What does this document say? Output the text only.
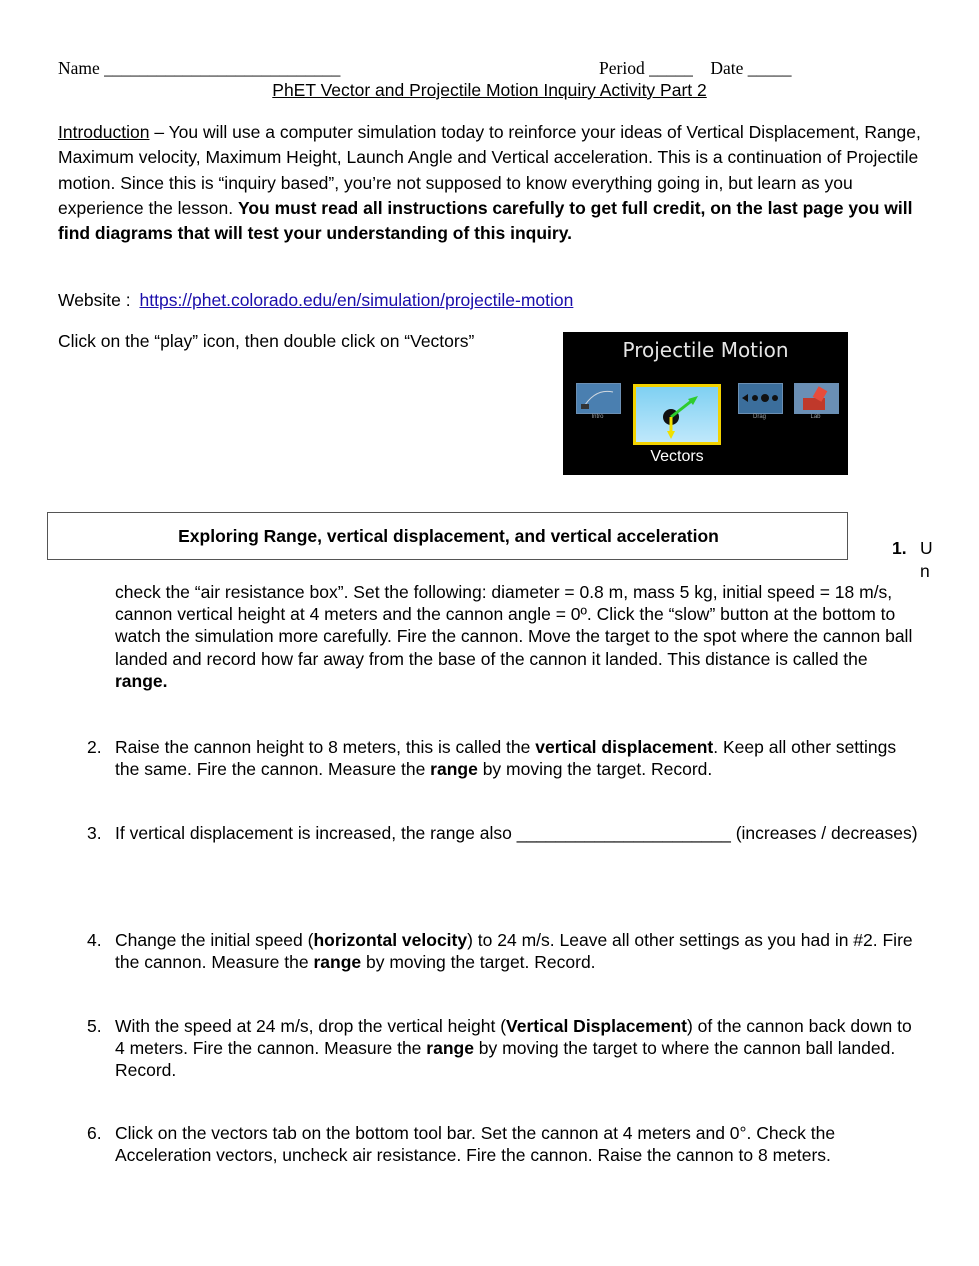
Name ___________________________	Period _____ Date _____
PhET Vector and Projectile Motion Inquiry Activity Part 2
Introduction – You will use a computer simulation today to reinforce your ideas of Vertical Displacement, Range, Maximum velocity, Maximum Height, Launch Angle and Vertical acceleration. This is a continuation of Projectile motion. Since this is “inquiry based”, you’re not supposed to know everything going in, but learn as you experience the lesson. You must read all instructions carefully to get full credit, on the last page you will find diagrams that will test your understanding of this inquiry.
Website : https://phet.colorado.edu/en/simulation/projectile-motion
Click on the “play” icon, then double click on “Vectors”	Projectile Motion
Intro
Vectors
Drag	Lab
Exploring Range, vertical displacement, and vertical acceleration
1. U
n
check the “air resistance box”. Set the following: diameter = 0.8 m, mass 5 kg, initial speed = 18 m/s, cannon vertical height at 4 meters and the cannon angle = 0º. Click the “slow” button at the bottom to watch the simulation more carefully. Fire the cannon. Move the target to the spot where the cannon ball landed and record how far away from the base of the cannon it landed. This distance is called the range.
2. Raise the cannon height to 8 meters, this is called the vertical displacement. Keep all other settings the same. Fire the cannon. Measure the range by moving the target. Record.
3. If vertical displacement is increased, the range also ______________________ (increases / decreases)
4. Change the initial speed (horizontal velocity) to 24 m/s. Leave all other settings as you had in #2. Fire the cannon. Measure the range by moving the target. Record.
5. With the speed at 24 m/s, drop the vertical height (Vertical Displacement) of the cannon back down to 4 meters. Fire the cannon. Measure the range by moving the target to where the cannon ball landed. Record.
6. Click on the vectors tab on the bottom tool bar. Set the cannon at 4 meters and 0°. Check the Acceleration vectors, uncheck air resistance. Fire the cannon. Raise the cannon to 8 meters.
